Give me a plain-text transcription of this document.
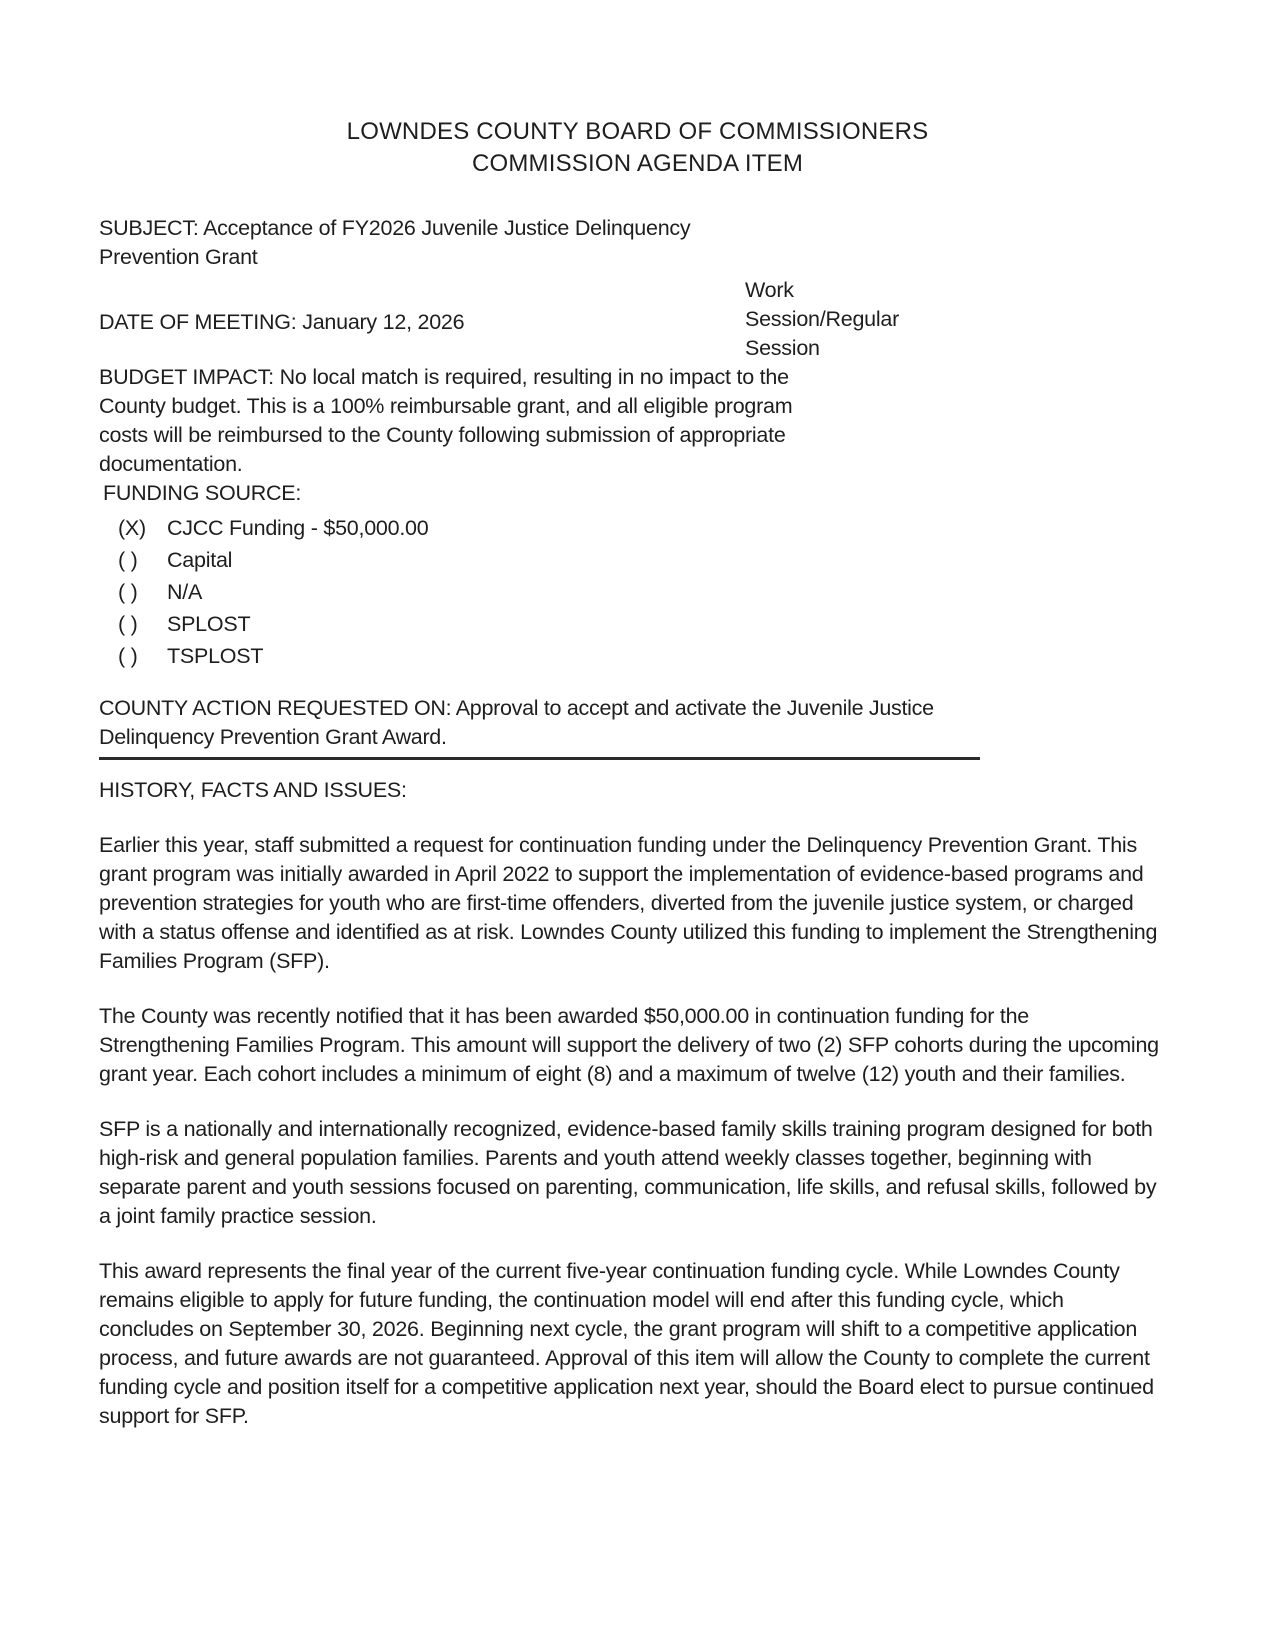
LOWNDES COUNTY BOARD OF COMMISSIONERS
COMMISSION AGENDA ITEM
Work
Session/Regular
Session
SUBJECT: Acceptance of FY2026 Juvenile Justice Delinquency Prevention Grant
DATE OF MEETING: January 12, 2026
BUDGET IMPACT: No local match is required, resulting in no impact to the County budget. This is a 100% reimbursable grant, and all eligible program costs will be reimbursed to the County following submission of appropriate documentation.
FUNDING SOURCE:
(X) CJCC Funding - $50,000.00
( )	Capital
( )	N/A
( )	SPLOST
( )	TSPLOST
COUNTY ACTION REQUESTED ON: Approval to accept and activate the Juvenile Justice Delinquency Prevention Grant Award.
HISTORY, FACTS AND ISSUES:

Earlier this year, staff submitted a request for continuation funding under the Delinquency Prevention Grant. This grant program was initially awarded in April 2022 to support the implementation of evidence-based programs and prevention strategies for youth who are first-time offenders, diverted from the juvenile justice system, or charged with a status offense and identified as at risk. Lowndes County utilized this funding to implement the Strengthening Families Program (SFP).

The County was recently notified that it has been awarded $50,000.00 in continuation funding for the Strengthening Families Program. This amount will support the delivery of two (2) SFP cohorts during the upcoming grant year. Each cohort includes a minimum of eight (8) and a maximum of twelve (12) youth and their families.

SFP is a nationally and internationally recognized, evidence-based family skills training program designed for both high-risk and general population families. Parents and youth attend weekly classes together, beginning with separate parent and youth sessions focused on parenting, communication, life skills, and refusal skills, followed by a joint family practice session.

This award represents the final year of the current five-year continuation funding cycle. While Lowndes County remains eligible to apply for future funding, the continuation model will end after this funding cycle, which concludes on September 30, 2026. Beginning next cycle, the grant program will shift to a competitive application process, and future awards are not guaranteed. Approval of this item will allow the County to complete the current funding cycle and position itself for a competitive application next year, should the Board elect to pursue continued support for SFP.
